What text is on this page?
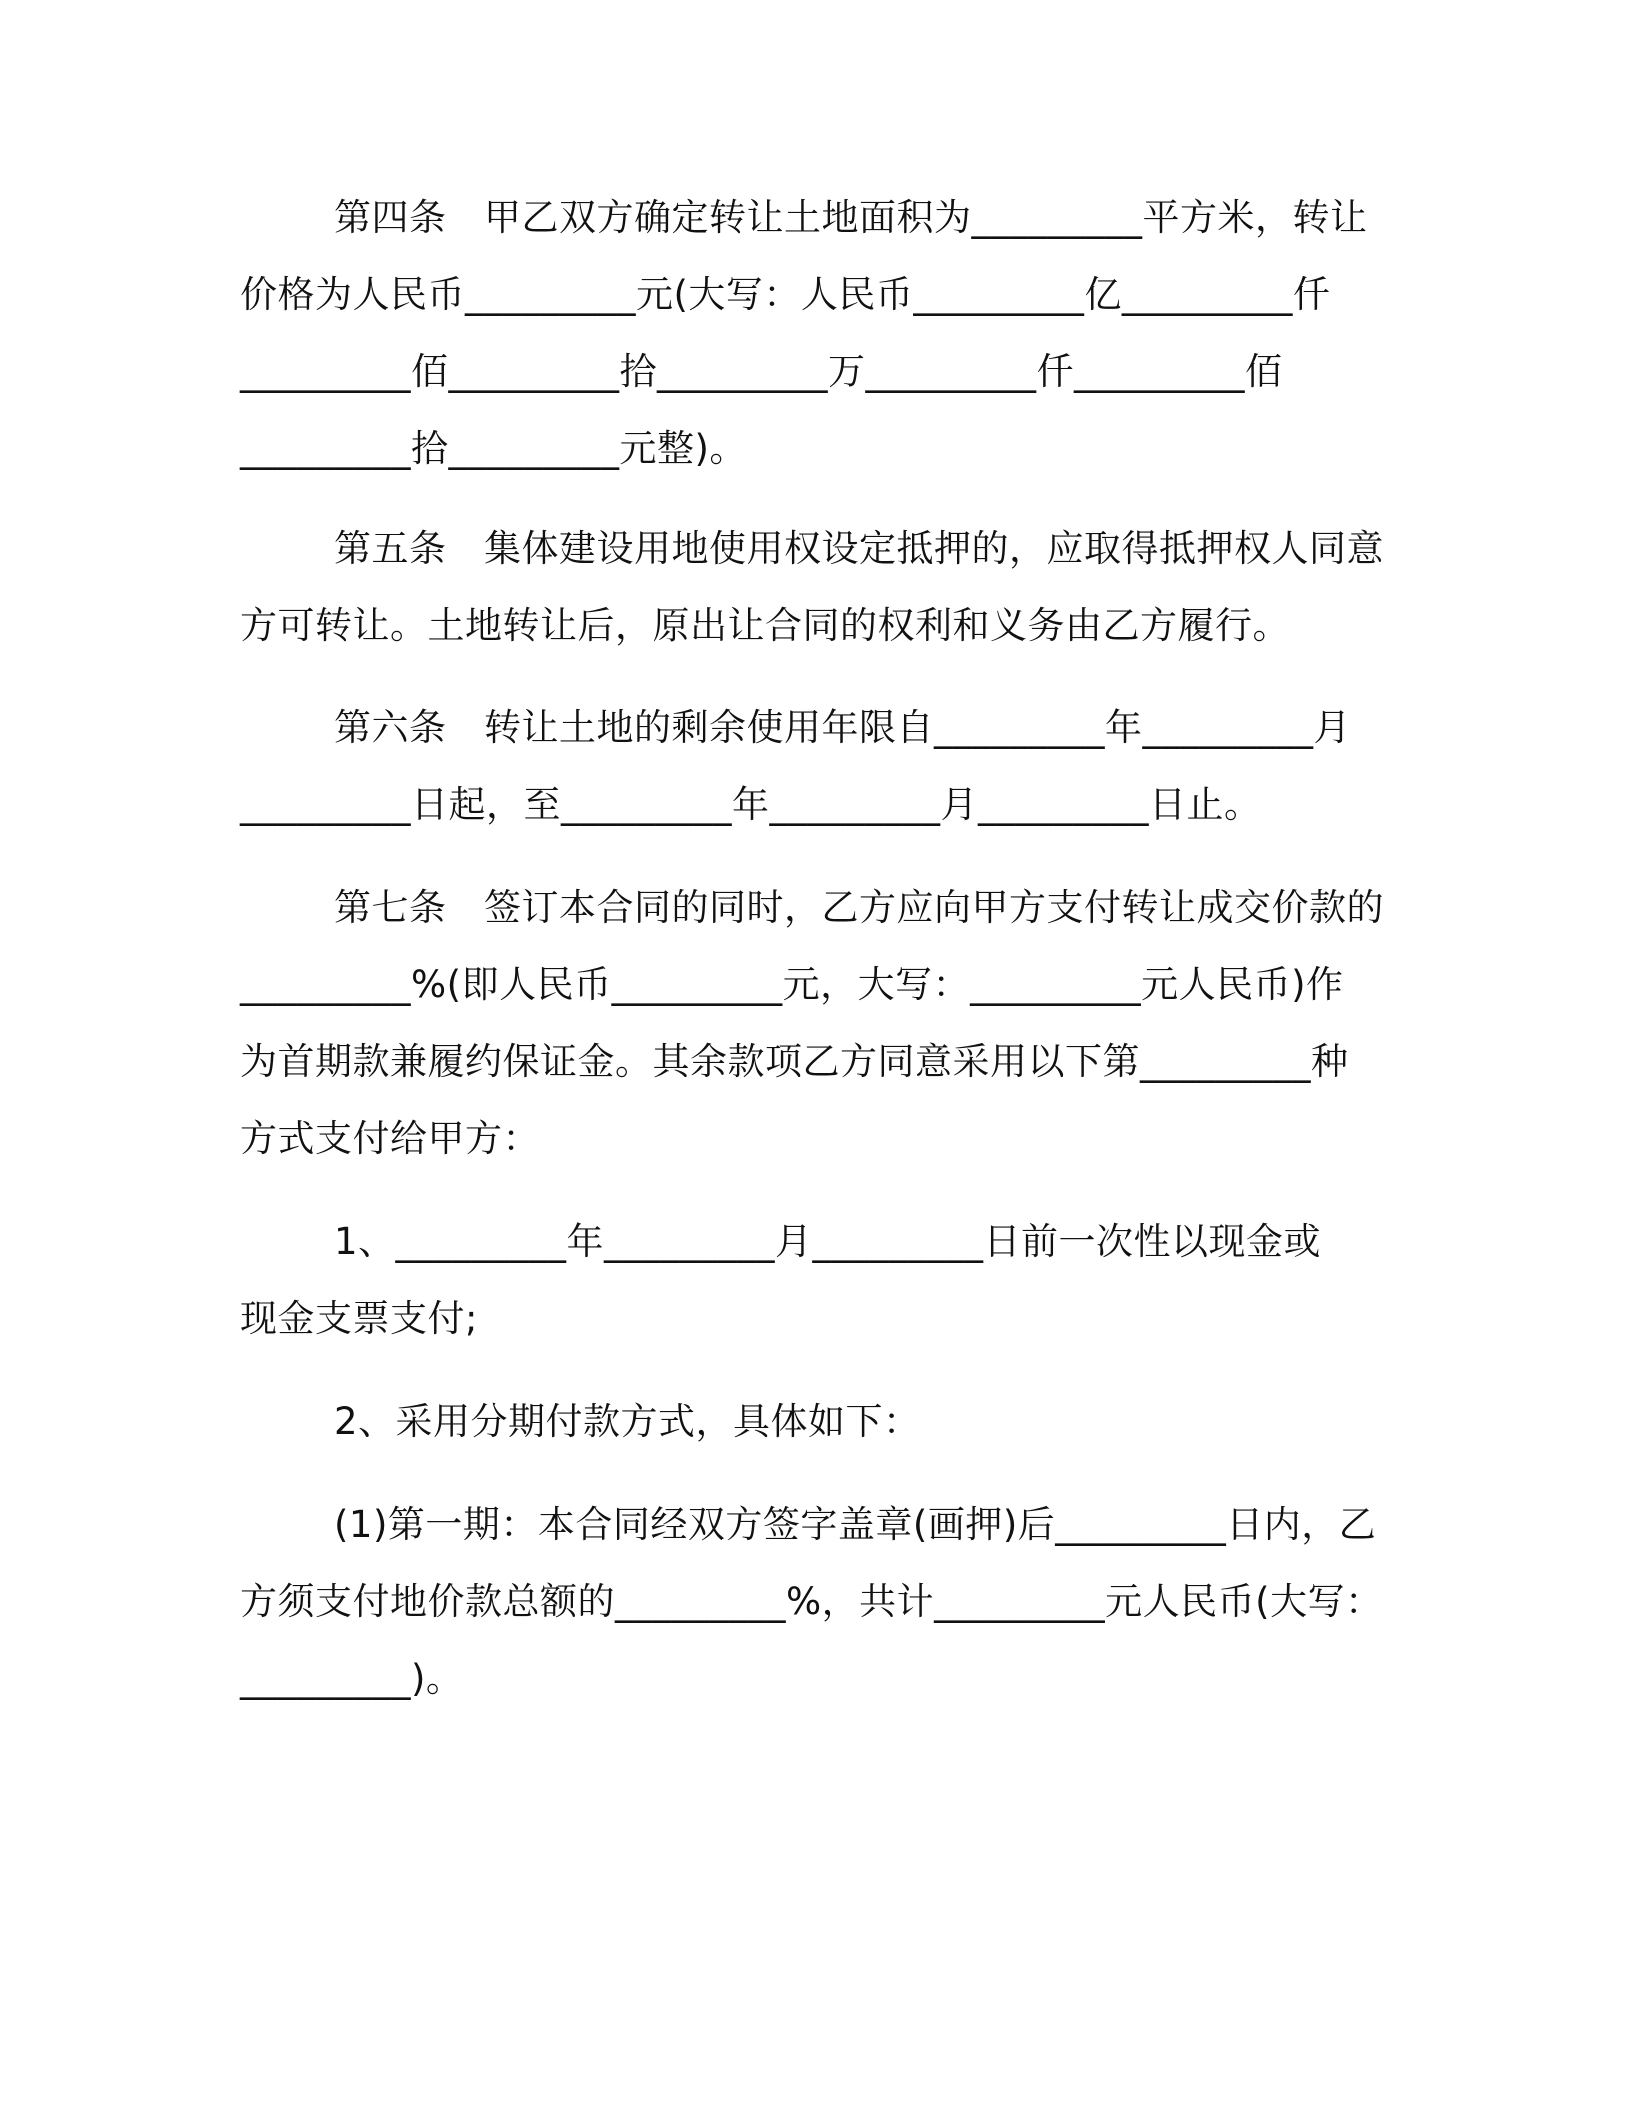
第四条　甲乙双方确定转让土地面积为_________平方米，转让
价格为人民币_________元(大写：人民币_________亿_________仟
_________佰_________拾_________万_________仟_________佰
_________拾_________元整)。
第五条　集体建设用地使用权设定抵押的，应取得抵押权人同意
方可转让。土地转让后，原出让合同的权利和义务由乙方履行。
第六条　转让土地的剩余使用年限自_________年_________月
_________日起，至_________年_________月_________日止。
第七条　签订本合同的同时，乙方应向甲方支付转让成交价款的
_________%(即人民币_________元，大写：_________元人民币)作
为首期款兼履约保证金。其余款项乙方同意采用以下第_________种
方式支付给甲方：
1、_________年_________月_________日前一次性以现金或
现金支票支付;
2、采用分期付款方式，具体如下：
(1)第一期：本合同经双方签字盖章(画押)后_________日内，乙
方须支付地价款总额的_________%，共计_________元人民币(大写：
_________)。
